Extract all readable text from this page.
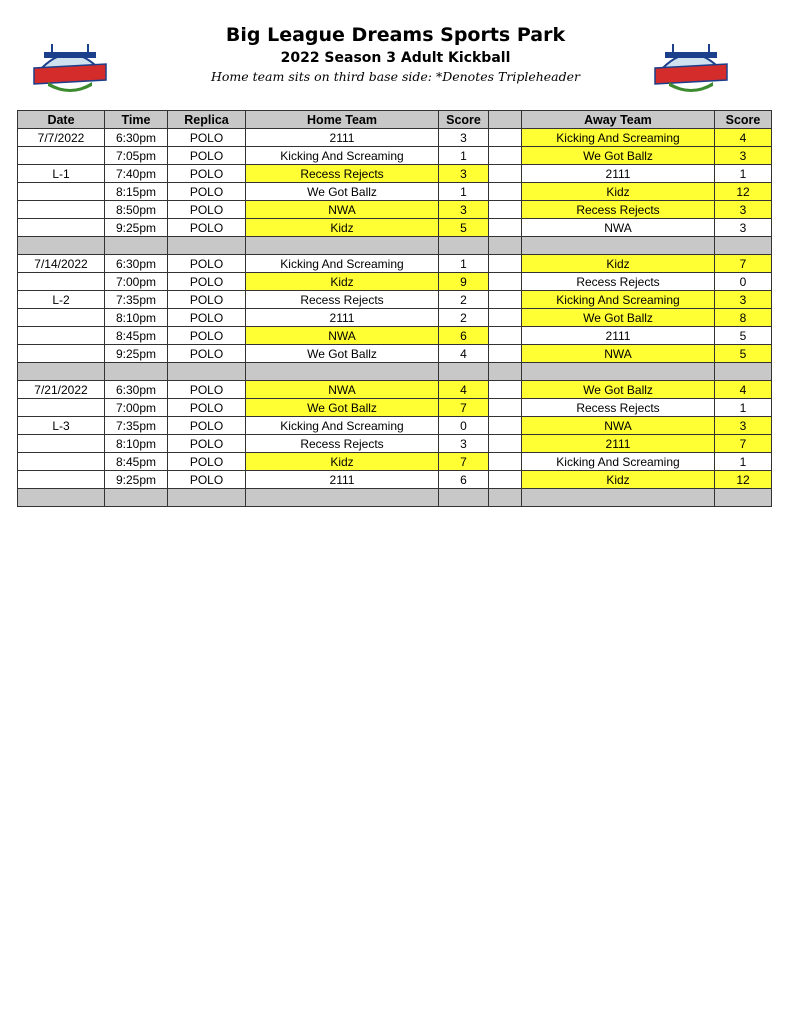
Big League Dreams Sports Park

2022 Season 3 Adult Kickball

Home team sits on third base side: *Denotes Tripleheader

Date	Time	Replica	Home Team	Score		Away Team	Score
7/7/2022	6:30pm	POLO	2111	3		Kicking And Screaming	4
	7:05pm	POLO	Kicking And Screaming	1		We Got Ballz	3
L-1	7:40pm	POLO	Recess Rejects	3		2111	1
	8:15pm	POLO	We Got Ballz	1		Kidz	12
	8:50pm	POLO	NWA	3		Recess Rejects	3
	9:25pm	POLO	Kidz	5		NWA	3

7/14/2022	6:30pm	POLO	Kicking And Screaming	1		Kidz	7
	7:00pm	POLO	Kidz	9		Recess Rejects	0
L-2	7:35pm	POLO	Recess Rejects	2		Kicking And Screaming	3
	8:10pm	POLO	2111	2		We Got Ballz	8
	8:45pm	POLO	NWA	6		2111	5
	9:25pm	POLO	We Got Ballz	4		NWA	5

7/21/2022	6:30pm	POLO	NWA	4		We Got Ballz	4
	7:00pm	POLO	We Got Ballz	7		Recess Rejects	1
L-3	7:35pm	POLO	Kicking And Screaming	0		NWA	3
	8:10pm	POLO	Recess Rejects	3		2111	7
	8:45pm	POLO	Kidz	7		Kicking And Screaming	1
	9:25pm	POLO	2111	6		Kidz	12
